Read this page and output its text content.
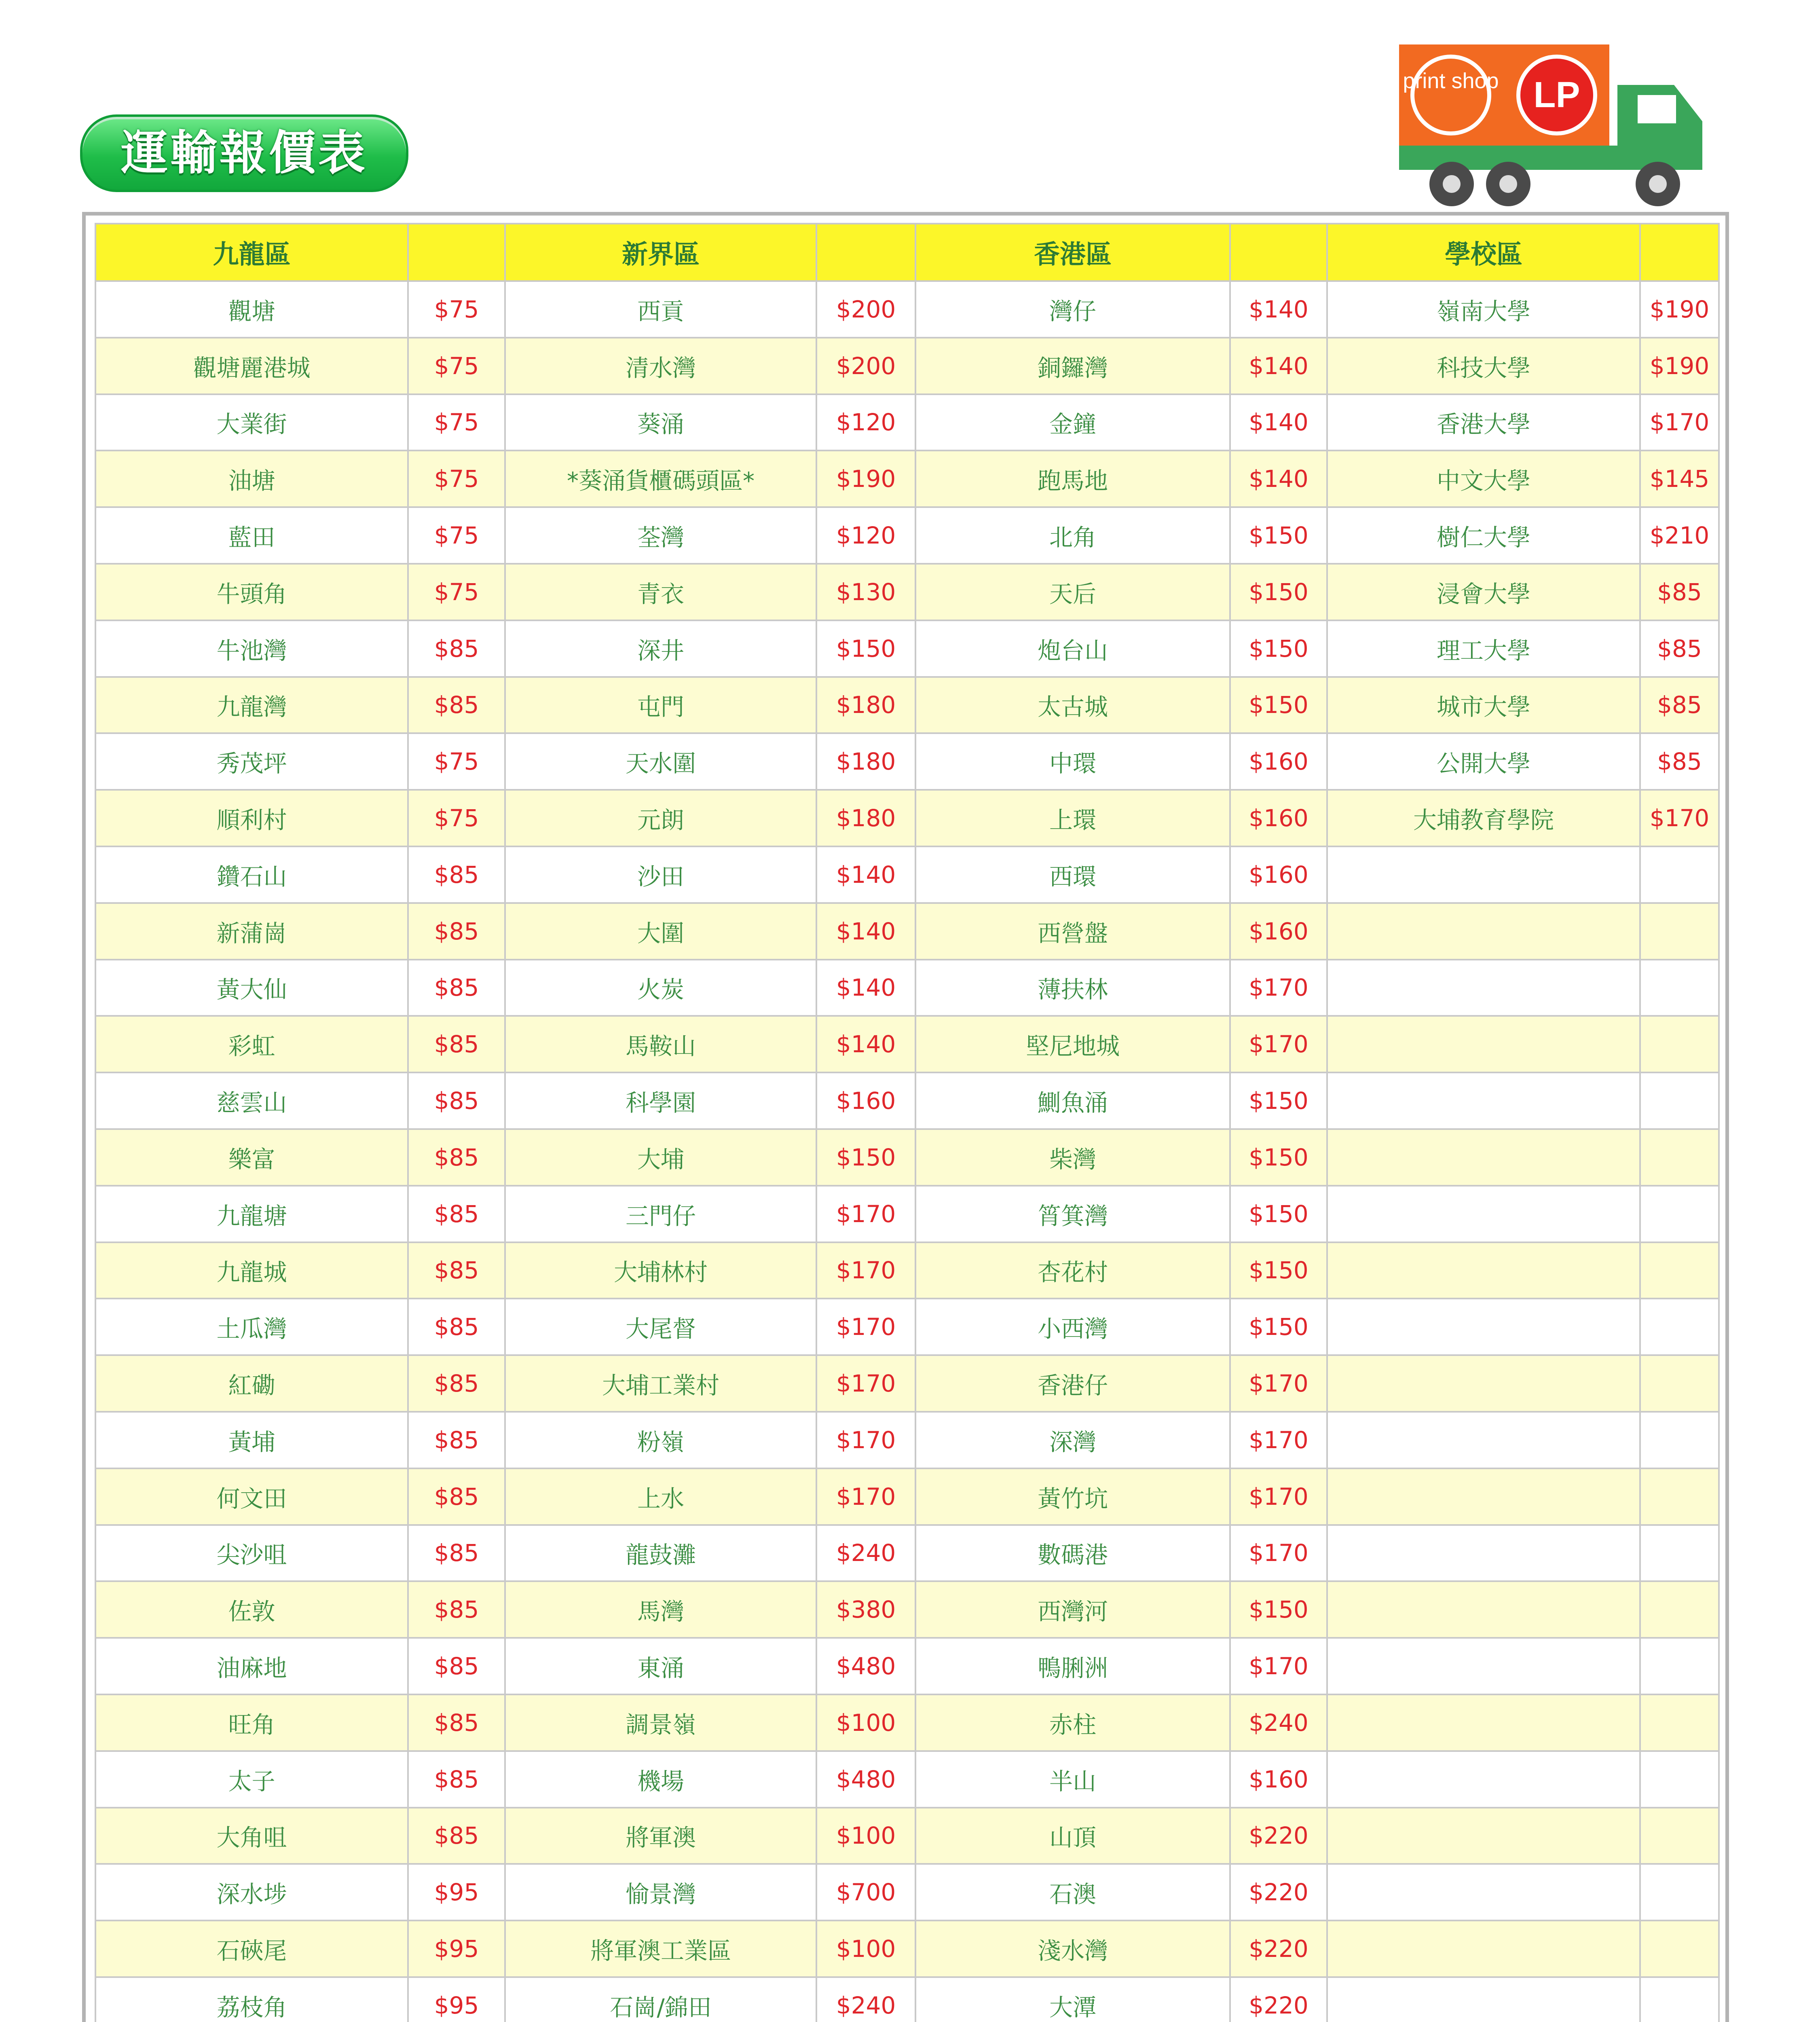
運輸報價表
print shop LP
九龍區		新界區		香港區		學校區	
觀塘	$75	西貢	$200	灣仔	$140	嶺南大學	$190
觀塘麗港城	$75	清水灣	$200	銅鑼灣	$140	科技大學	$190
大業街	$75	葵涌	$120	金鐘	$140	香港大學	$170
油塘	$75	*葵涌貨櫃碼頭區*	$190	跑馬地	$140	中文大學	$145
藍田	$75	荃灣	$120	北角	$150	樹仁大學	$210
牛頭角	$75	青衣	$130	天后	$150	浸會大學	$85
牛池灣	$85	深井	$150	炮台山	$150	理工大學	$85
九龍灣	$85	屯門	$180	太古城	$150	城市大學	$85
秀茂坪	$75	天水圍	$180	中環	$160	公開大學	$85
順利村	$75	元朗	$180	上環	$160	大埔教育學院	$170
鑽石山	$85	沙田	$140	西環	$160		
新蒲崗	$85	大圍	$140	西營盤	$160		
黃大仙	$85	火炭	$140	薄扶林	$170		
彩虹	$85	馬鞍山	$140	堅尼地城	$170		
慈雲山	$85	科學園	$160	鰂魚涌	$150		
樂富	$85	大埔	$150	柴灣	$150		
九龍塘	$85	三門仔	$170	筲箕灣	$150		
九龍城	$85	大埔林村	$170	杏花村	$150		
土瓜灣	$85	大尾督	$170	小西灣	$150		
紅磡	$85	大埔工業村	$170	香港仔	$170		
黃埔	$85	粉嶺	$170	深灣	$170		
何文田	$85	上水	$170	黃竹坑	$170		
尖沙咀	$85	龍鼓灘	$240	數碼港	$170		
佐敦	$85	馬灣	$380	西灣河	$150		
油麻地	$85	東涌	$480	鴨脷洲	$170		
旺角	$85	調景嶺	$100	赤柱	$240		
太子	$85	機場	$480	半山	$160		
大角咀	$85	將軍澳	$100	山頂	$220		
深水埗	$95	愉景灣	$700	石澳	$220		
石硤尾	$95	將軍澳工業區	$100	淺水灣	$220		
荔枝角	$95	石崗/錦田	$240	大潭	$220		
